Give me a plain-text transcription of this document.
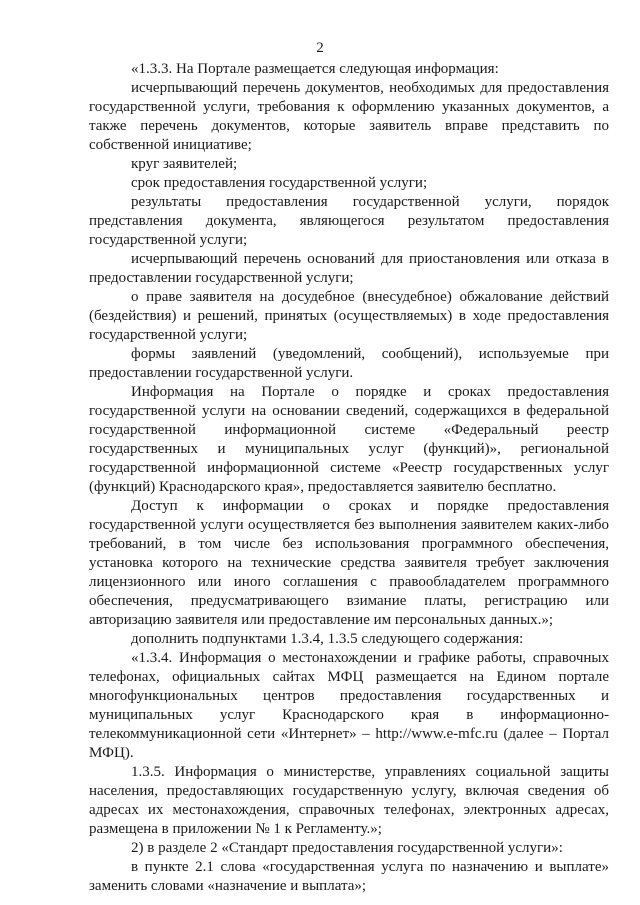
2

«1.3.3. На Портале размещается следующая информация:

исчерпывающий перечень документов, необходимых для предоставления государственной услуги, требования к оформлению указанных документов, а также перечень документов, которые заявитель вправе представить по собственной инициативе;

круг заявителей;

срок предоставления государственной услуги;

результаты предоставления государственной услуги, порядок представления документа, являющегося результатом предоставления государственной услуги;

исчерпывающий перечень оснований для приостановления или отказа в предоставлении государственной услуги;

о праве заявителя на досудебное (внесудебное) обжалование действий (бездействия) и решений, принятых (осуществляемых) в ходе предоставления государственной услуги;

формы заявлений (уведомлений, сообщений), используемые при предоставлении государственной услуги.

Информация на Портале о порядке и сроках предоставления государственной услуги на основании сведений, содержащихся в федеральной государственной информационной системе «Федеральный реестр государственных и муниципальных услуг (функций)», региональной государственной информационной системе «Реестр государственных услуг (функций) Краснодарского края», предоставляется заявителю бесплатно.

Доступ к информации о сроках и порядке предоставления государственной услуги осуществляется без выполнения заявителем каких-либо требований, в том числе без использования программного обеспечения, установка которого на технические средства заявителя требует заключения лицензионного или иного соглашения с правообладателем программного обеспечения, предусматривающего взимание платы, регистрацию или авторизацию заявителя или предоставление им персональных данных.»;

дополнить подпунктами 1.3.4, 1.3.5 следующего содержания:

«1.3.4. Информация о местонахождении и графике работы, справочных телефонах, официальных сайтах МФЦ размещается на Едином портале многофункциональных центров предоставления государственных и муниципальных услуг Краснодарского края в информационно-телекоммуникационной сети «Интернет» – http://www.e-mfc.ru (далее – Портал МФЦ).

1.3.5. Информация о министерстве, управлениях социальной защиты населения, предоставляющих государственную услугу, включая сведения об адресах их местонахождения, справочных телефонах, электронных адресах, размещена в приложении № 1 к Регламенту.»;

2) в разделе 2 «Стандарт предоставления государственной услуги»:

в пункте 2.1 слова «государственная услуга по назначению и выплате» заменить словами «назначение и выплата»;
